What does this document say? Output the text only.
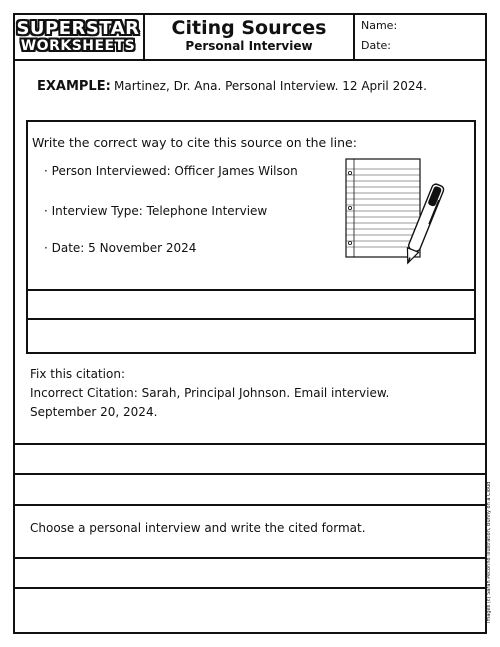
SUPERSTAR
WORKSHEETS
Citing Sources
Personal Interview
Name:
Date:
EXAMPLE: Martinez, Dr. Ana. Personal Interview. 12 April 2024.
Write the correct way to cite this source on the line:
· Person Interviewed: Officer James Wilson
· Interview Type: Telephone Interview
· Date: 5 November 2024
Fix this citation:
Incorrect Citation: Sarah, Principal Johnson. Email interview.
September 20, 2024.
Choose a personal interview and write the cited format.	Images (c) Sarah Pecorino Illustration, Bunny on a Cloud
